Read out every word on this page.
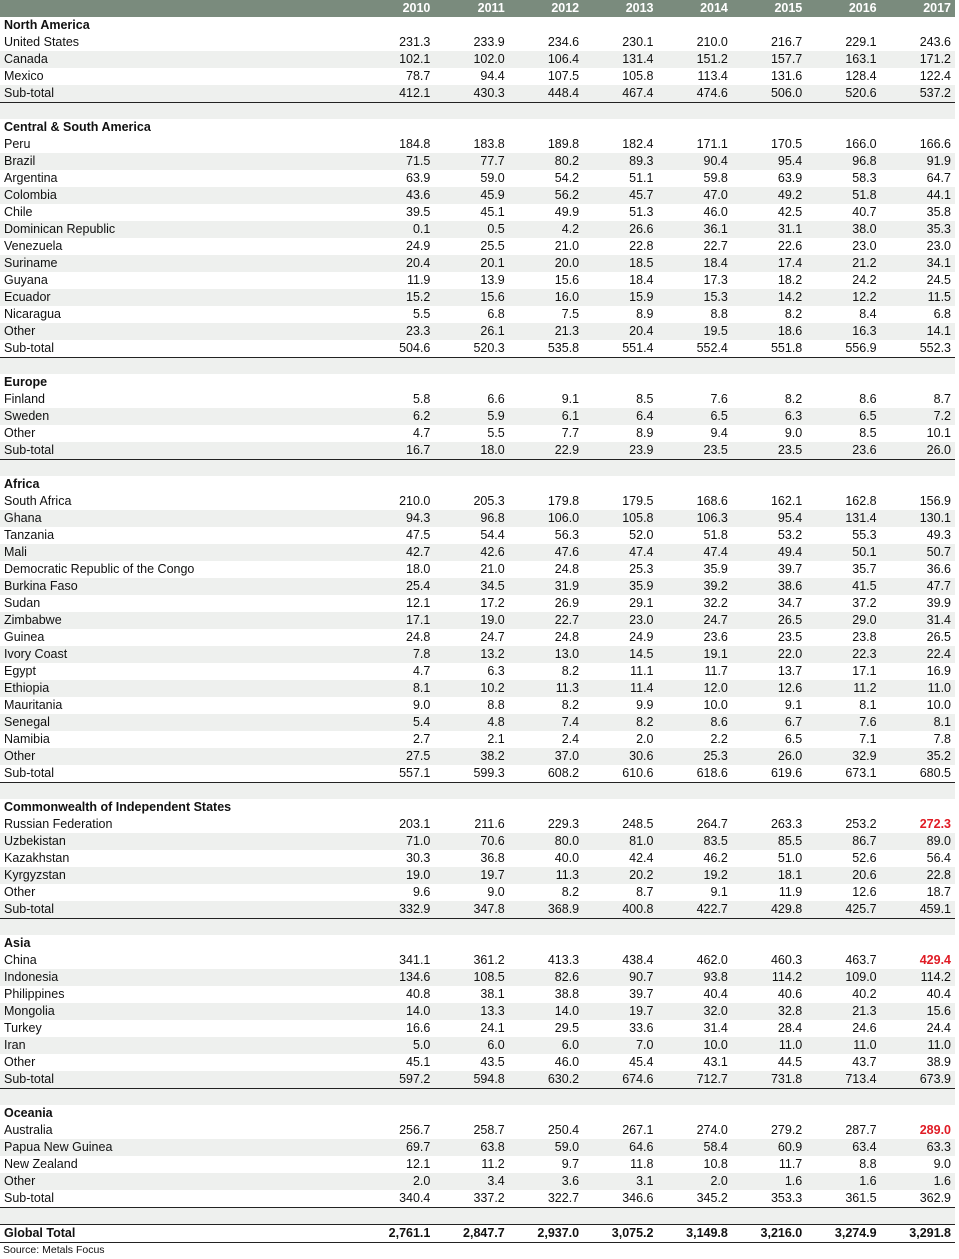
	2010	2011	2012	2013	2014	2015	2016	2017
North America								
United States	231.3	233.9	234.6	230.1	210.0	216.7	229.1	243.6
Canada	102.1	102.0	106.4	131.4	151.2	157.7	163.1	171.2
Mexico	78.7	94.4	107.5	105.8	113.4	131.6	128.4	122.4
Sub-total	412.1	430.3	448.4	467.4	474.6	506.0	520.6	537.2

Central & South America								
Peru	184.8	183.8	189.8	182.4	171.1	170.5	166.0	166.6
Brazil	71.5	77.7	80.2	89.3	90.4	95.4	96.8	91.9
Argentina	63.9	59.0	54.2	51.1	59.8	63.9	58.3	64.7
Colombia	43.6	45.9	56.2	45.7	47.0	49.2	51.8	44.1
Chile	39.5	45.1	49.9	51.3	46.0	42.5	40.7	35.8
Dominican Republic	0.1	0.5	4.2	26.6	36.1	31.1	38.0	35.3
Venezuela	24.9	25.5	21.0	22.8	22.7	22.6	23.0	23.0
Suriname	20.4	20.1	20.0	18.5	18.4	17.4	21.2	34.1
Guyana	11.9	13.9	15.6	18.4	17.3	18.2	24.2	24.5
Ecuador	15.2	15.6	16.0	15.9	15.3	14.2	12.2	11.5
Nicaragua	5.5	6.8	7.5	8.9	8.8	8.2	8.4	6.8
Other	23.3	26.1	21.3	20.4	19.5	18.6	16.3	14.1
Sub-total	504.6	520.3	535.8	551.4	552.4	551.8	556.9	552.3

Europe								
Finland	5.8	6.6	9.1	8.5	7.6	8.2	8.6	8.7
Sweden	6.2	5.9	6.1	6.4	6.5	6.3	6.5	7.2
Other	4.7	5.5	7.7	8.9	9.4	9.0	8.5	10.1
Sub-total	16.7	18.0	22.9	23.9	23.5	23.5	23.6	26.0

Africa								
South Africa	210.0	205.3	179.8	179.5	168.6	162.1	162.8	156.9
Ghana	94.3	96.8	106.0	105.8	106.3	95.4	131.4	130.1
Tanzania	47.5	54.4	56.3	52.0	51.8	53.2	55.3	49.3
Mali	42.7	42.6	47.6	47.4	47.4	49.4	50.1	50.7
Democratic Republic of the Congo	18.0	21.0	24.8	25.3	35.9	39.7	35.7	36.6
Burkina Faso	25.4	34.5	31.9	35.9	39.2	38.6	41.5	47.7
Sudan	12.1	17.2	26.9	29.1	32.2	34.7	37.2	39.9
Zimbabwe	17.1	19.0	22.7	23.0	24.7	26.5	29.0	31.4
Guinea	24.8	24.7	24.8	24.9	23.6	23.5	23.8	26.5
Ivory Coast	7.8	13.2	13.0	14.5	19.1	22.0	22.3	22.4
Egypt	4.7	6.3	8.2	11.1	11.7	13.7	17.1	16.9
Ethiopia	8.1	10.2	11.3	11.4	12.0	12.6	11.2	11.0
Mauritania	9.0	8.8	8.2	9.9	10.0	9.1	8.1	10.0
Senegal	5.4	4.8	7.4	8.2	8.6	6.7	7.6	8.1
Namibia	2.7	2.1	2.4	2.0	2.2	6.5	7.1	7.8
Other	27.5	38.2	37.0	30.6	25.3	26.0	32.9	35.2
Sub-total	557.1	599.3	608.2	610.6	618.6	619.6	673.1	680.5

Commonwealth of Independent States								
Russian Federation	203.1	211.6	229.3	248.5	264.7	263.3	253.2	272.3
Uzbekistan	71.0	70.6	80.0	81.0	83.5	85.5	86.7	89.0
Kazakhstan	30.3	36.8	40.0	42.4	46.2	51.0	52.6	56.4
Kyrgyzstan	19.0	19.7	11.3	20.2	19.2	18.1	20.6	22.8
Other	9.6	9.0	8.2	8.7	9.1	11.9	12.6	18.7
Sub-total	332.9	347.8	368.9	400.8	422.7	429.8	425.7	459.1

Asia								
China	341.1	361.2	413.3	438.4	462.0	460.3	463.7	429.4
Indonesia	134.6	108.5	82.6	90.7	93.8	114.2	109.0	114.2
Philippines	40.8	38.1	38.8	39.7	40.4	40.6	40.2	40.4
Mongolia	14.0	13.3	14.0	19.7	32.0	32.8	21.3	15.6
Turkey	16.6	24.1	29.5	33.6	31.4	28.4	24.6	24.4
Iran	5.0	6.0	6.0	7.0	10.0	11.0	11.0	11.0
Other	45.1	43.5	46.0	45.4	43.1	44.5	43.7	38.9
Sub-total	597.2	594.8	630.2	674.6	712.7	731.8	713.4	673.9

Oceania								
Australia	256.7	258.7	250.4	267.1	274.0	279.2	287.7	289.0
Papua New Guinea	69.7	63.8	59.0	64.6	58.4	60.9	63.4	63.3
New Zealand	12.1	11.2	9.7	11.8	10.8	11.7	8.8	9.0
Other	2.0	3.4	3.6	3.1	2.0	1.6	1.6	1.6
Sub-total	340.4	337.2	322.7	346.6	345.2	353.3	361.5	362.9

Global Total	2,761.1	2,847.7	2,937.0	3,075.2	3,149.8	3,216.0	3,274.9	3,291.8
Source: Metals Focus
